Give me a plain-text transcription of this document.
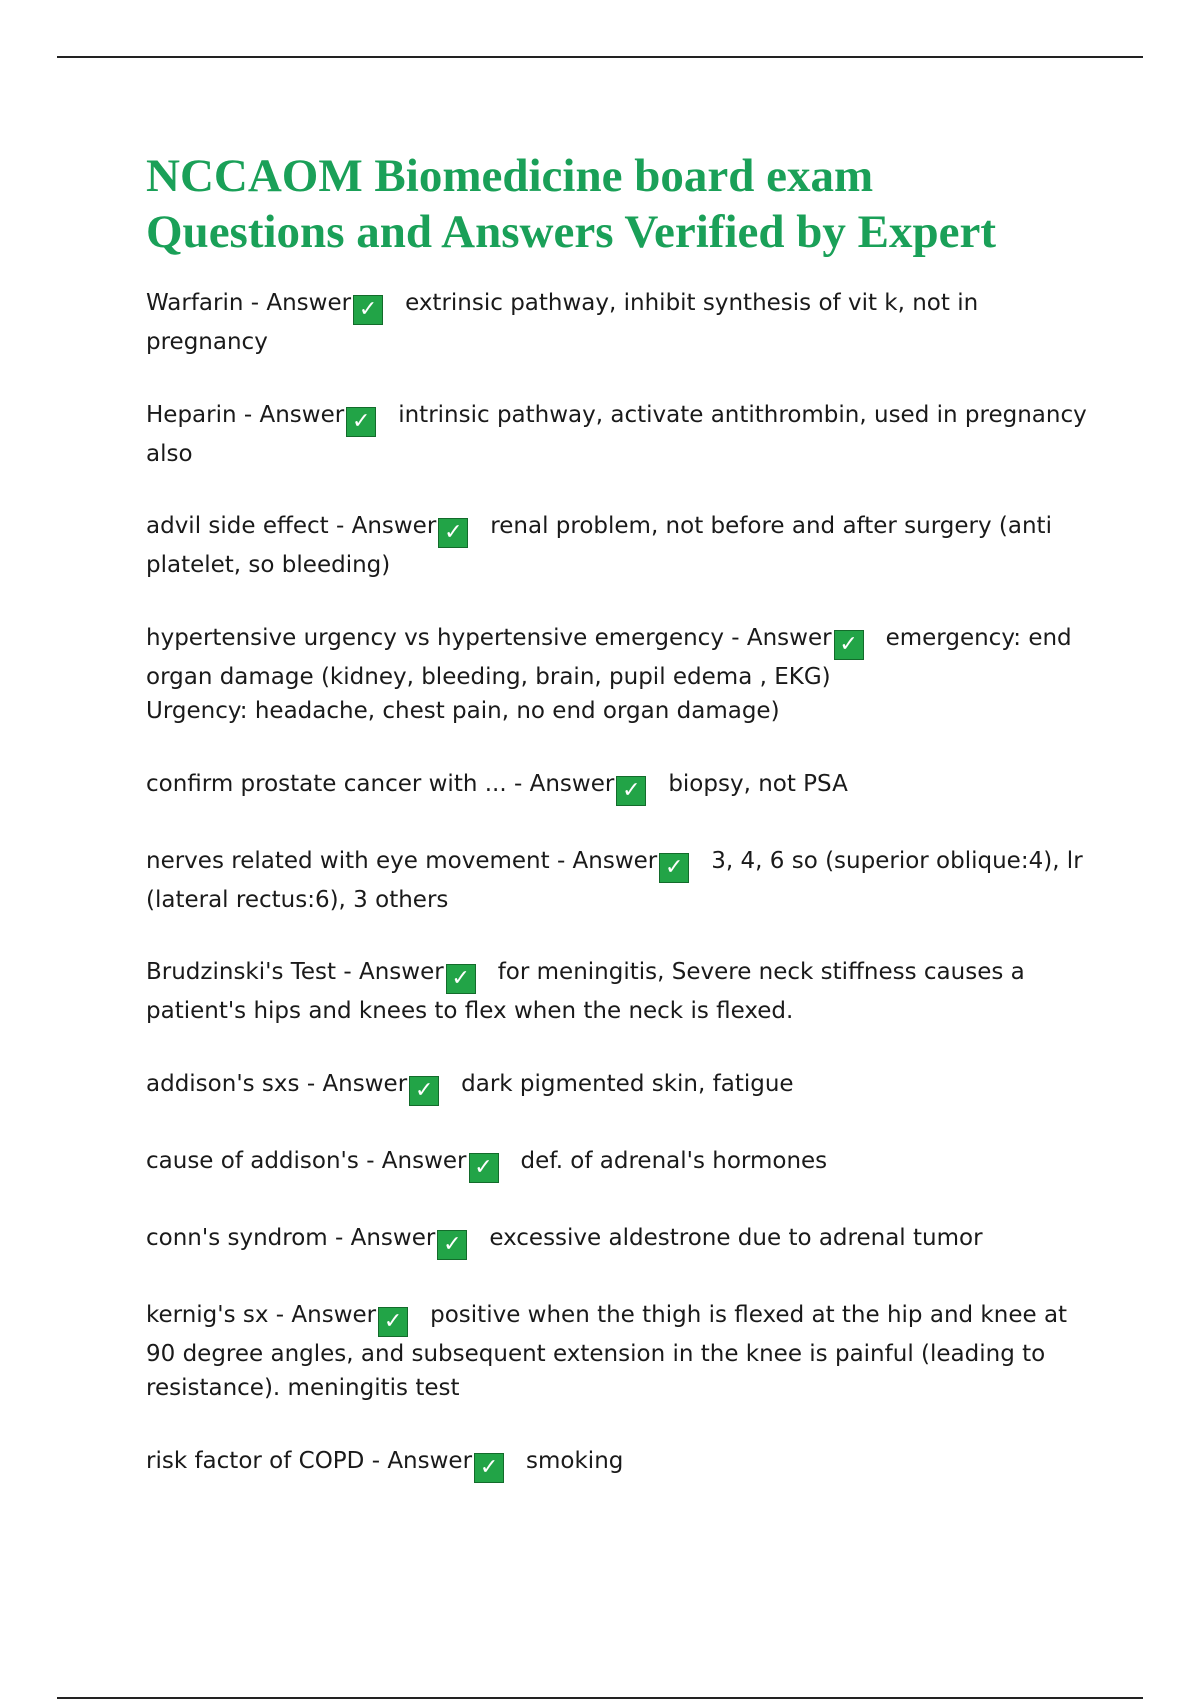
NCCAOM Biomedicine board exam
Questions and Answers Verified by Expert

Warfarin - Answer ✓ extrinsic pathway, inhibit synthesis of vit k, not in pregnancy

Heparin - Answer ✓ intrinsic pathway, activate antithrombin, used in pregnancy also

advil side effect - Answer ✓ renal problem, not before and after surgery (anti platelet, so bleeding)

hypertensive urgency vs hypertensive emergency - Answer ✓ emergency: end organ damage (kidney, bleeding, brain, pupil edema , EKG)
Urgency: headache, chest pain, no end organ damage)

confirm prostate cancer with ... - Answer ✓ biopsy, not PSA

nerves related with eye movement - Answer ✓ 3, 4, 6 so (superior oblique:4), lr (lateral rectus:6), 3 others

Brudzinski's Test - Answer ✓ for meningitis, Severe neck stiffness causes a patient's hips and knees to flex when the neck is flexed.

addison's sxs - Answer ✓ dark pigmented skin, fatigue

cause of addison's - Answer ✓ def. of adrenal's hormones

conn's syndrom - Answer ✓ excessive aldestrone due to adrenal tumor

kernig's sx - Answer ✓ positive when the thigh is flexed at the hip and knee at 90 degree angles, and subsequent extension in the knee is painful (leading to resistance). meningitis test

risk factor of COPD - Answer ✓ smoking
